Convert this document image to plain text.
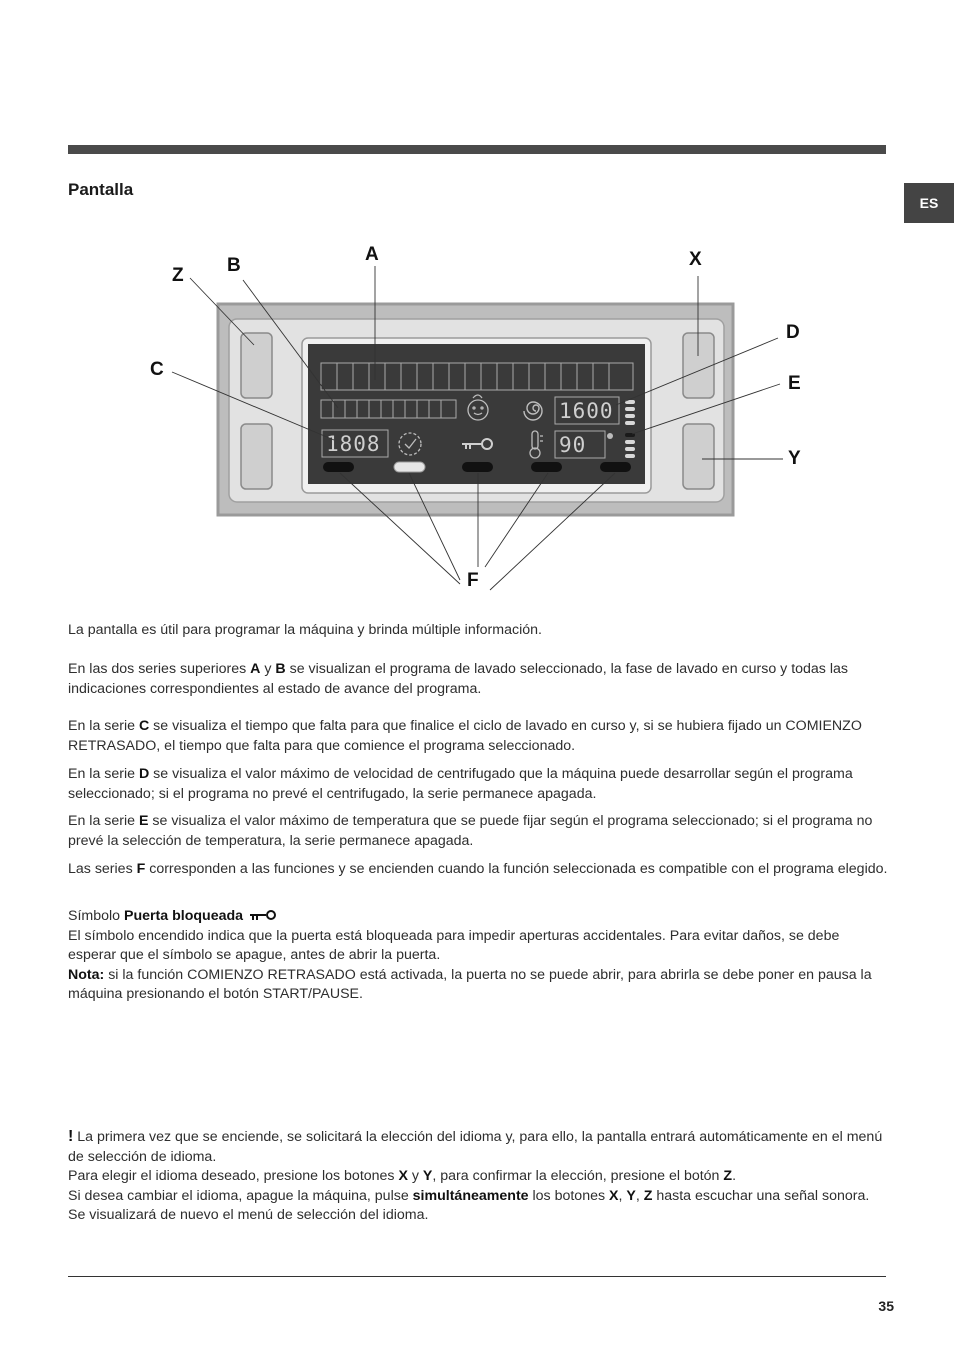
ES
Pantalla
1808
1600
90
A
B
Z
C
X
D
E
Y
F

La pantalla es útil para programar la máquina y brinda múltiple información.

En las dos series superiores A y B se visualizan el programa de lavado seleccionado, la fase de lavado en curso y todas las indicaciones correspondientes al estado de avance del programa.

En la serie C se visualiza el tiempo que falta para que finalice el ciclo de lavado en curso y, si se hubiera fijado un COMIENZO RETRASADO, el tiempo que falta para que comience el programa seleccionado.

En la serie D se visualiza el valor máximo de velocidad de centrifugado que la máquina puede desarrollar según el programa seleccionado; si el programa no prevé el centrifugado, la serie permanece apagada.

En la serie E se visualiza el valor máximo de temperatura que se puede fijar según el programa seleccionado; si el programa no prevé la selección de temperatura, la serie permanece apagada.

Las series F corresponden a las funciones y se encienden cuando la función seleccionada es compatible con el programa elegido.

Símbolo Puerta bloqueada

El símbolo encendido indica que la puerta está bloqueada para impedir aperturas accidentales. Para evitar daños, se debe esperar que el símbolo se apague, antes de abrir la puerta.

Nota: si la función COMIENZO RETRASADO está activada, la puerta no se puede abrir, para abrirla se debe poner en pausa la máquina presionando el botón START/PAUSE.

! La primera vez que se enciende, se solicitará la elección del idioma y, para ello, la pantalla entrará automáticamente en el menú de selección de idioma.

Para elegir el idioma deseado, presione los botones X y Y, para confirmar la elección, presione el botón Z.

Si desea cambiar el idioma, apague la máquina, pulse simultáneamente los botones X, Y, Z hasta escuchar una señal sonora. Se visualizará de nuevo el menú de selección del idioma.

35
